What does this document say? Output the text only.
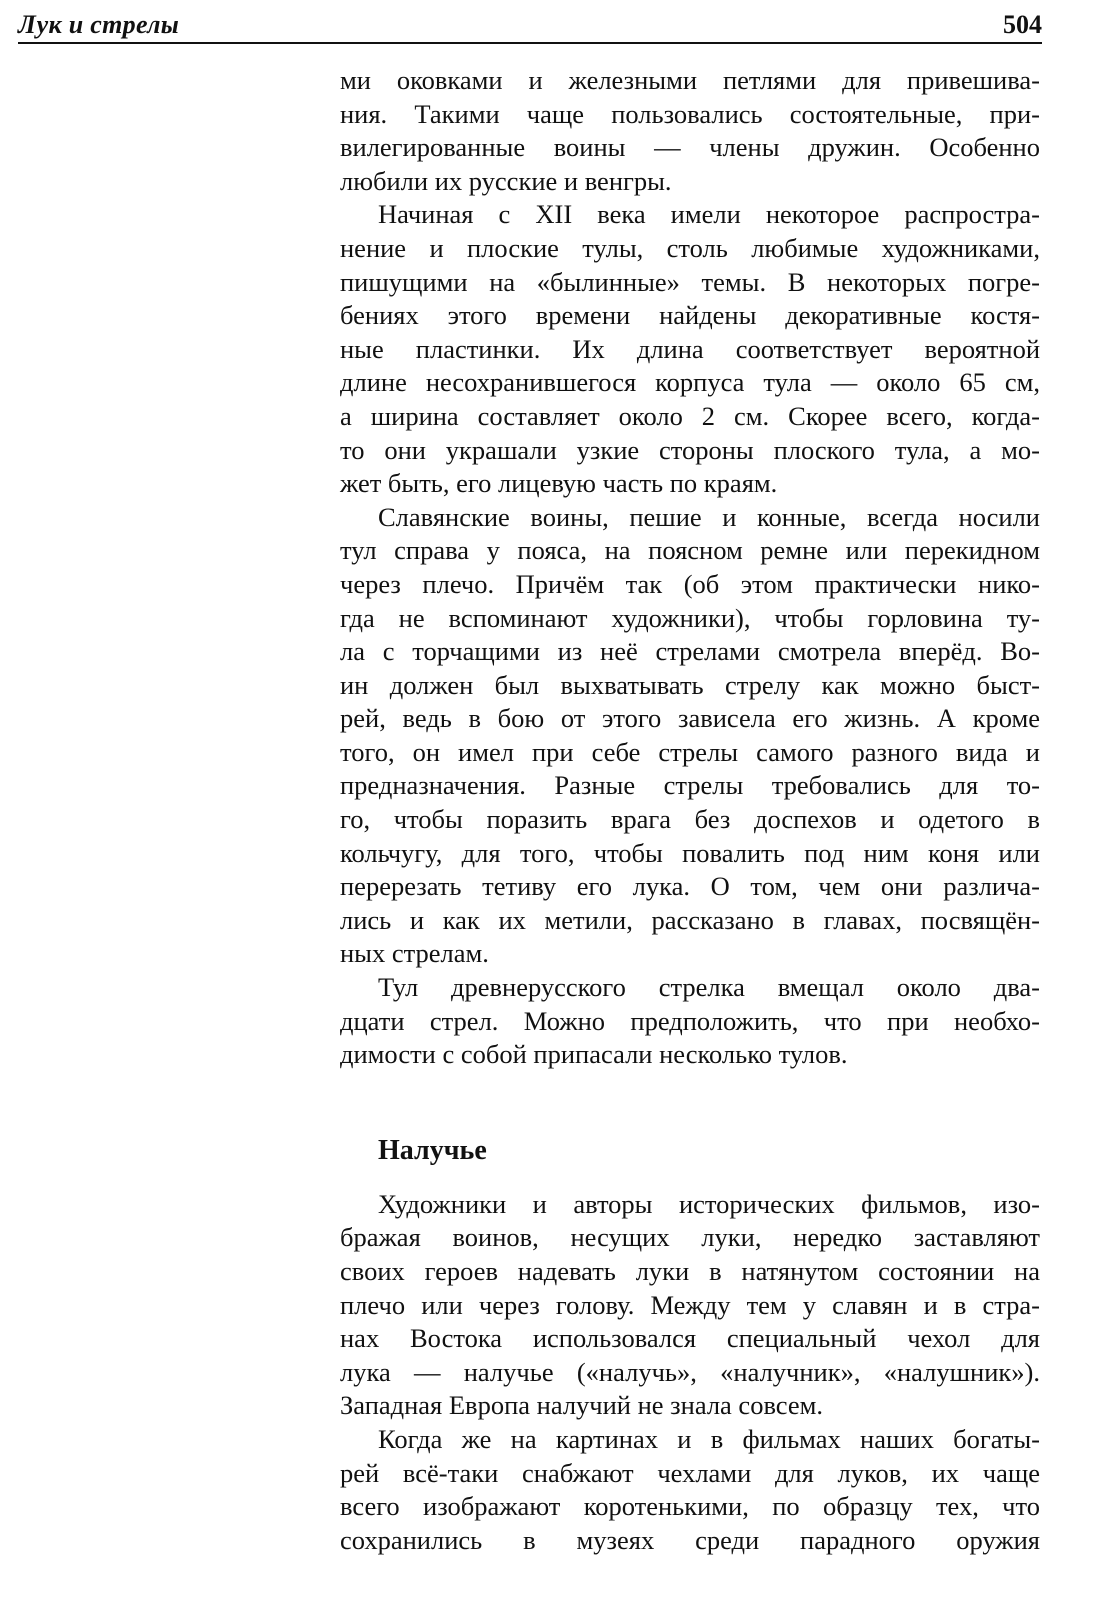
Лук и стрелы	504

ми оковками и железными петлями для привешива-
ния. Такими чаще пользовались состоятельные, при-
вилегированные воины — члены дружин. Особенно
любили их русские и венгры.

Начиная с XII века имели некоторое распростра-
нение и плоские тулы, столь любимые художниками,
пишущими на «былинные» темы. В некоторых погре-
бениях этого времени найдены декоративные костя-
ные пластинки. Их длина соответствует вероятной
длине несохранившегося корпуса тула — около 65 см,
а ширина составляет около 2 см. Скорее всего, когда-
то они украшали узкие стороны плоского тула, а мо-
жет быть, его лицевую часть по краям.

Славянские воины, пешие и конные, всегда носили
тул справа у пояса, на поясном ремне или перекидном
через плечо. Причём так (об этом практически нико-
гда не вспоминают художники), чтобы горловина ту-
ла с торчащими из неё стрелами смотрела вперёд. Во-
ин должен был выхватывать стрелу как можно быст-
рей, ведь в бою от этого зависела его жизнь. А кроме
того, он имел при себе стрелы самого разного вида и
предназначения. Разные стрелы требовались для то-
го, чтобы поразить врага без доспехов и одетого в
кольчугу, для того, чтобы повалить под ним коня или
перерезать тетиву его лука. О том, чем они различа-
лись и как их метили, рассказано в главах, посвящён-
ных стрелам.

Тул древнерусского стрелка вмещал около два-
дцати стрел. Можно предположить, что при необхо-
димости с собой припасали несколько тулов.

Налучье

Художники и авторы исторических фильмов, изо-
бражая воинов, несущих луки, нередко заставляют
своих героев надевать луки в натянутом состоянии на
плечо или через голову. Между тем у славян и в стра-
нах Востока использовался специальный чехол для
лука — налучье («налучь», «налучник», «налушник»).
Западная Европа налучий не знала совсем.

Когда же на картинах и в фильмах наших богаты-
рей всё-таки снабжают чехлами для луков, их чаще
всего изображают коротенькими, по образцу тех, что
сохранились в музеях среди парадного оружия
